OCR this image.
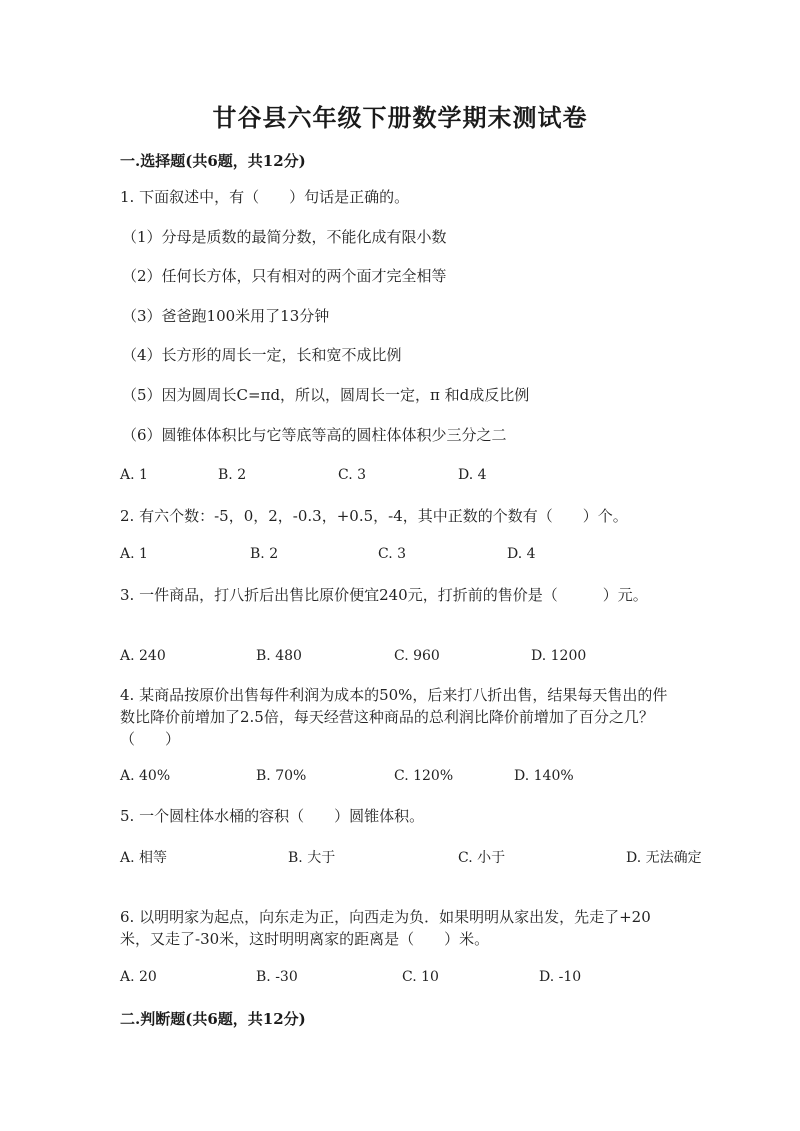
甘谷县六年级下册数学期末测试卷
一.选择题(共6题，共12分)
1. 下面叙述中，有（　　）句话是正确的。
（1）分母是质数的最简分数，不能化成有限小数
（2）任何长方体，只有相对的两个面才完全相等
（3）爸爸跑100米用了13分钟
（4）长方形的周长一定，长和宽不成比例
（5）因为圆周长C=πd，所以，圆周长一定，π 和d成反比例
（6）圆锥体体积比与它等底等高的圆柱体体积少三分之二
A. 1	B. 2	C. 3	D. 4
2. 有六个数：-5，0，2，-0.3，+0.5，-4，其中正数的个数有（　　）个。
A. 1	B. 2	C. 3	D. 4
3. 一件商品，打八折后出售比原价便宜240元，打折前的售价是（　　　）元。
A. 240	B. 480	C. 960	D. 1200
4. 某商品按原价出售每件利润为成本的50%，后来打八折出售，结果每天售出的件数比降价前增加了2.5倍，每天经营这种商品的总利润比降价前增加了百分之几？（　　）
A. 40%	B. 70%	C. 120%	D. 140%
5. 一个圆柱体水桶的容积（　　）圆锥体积。
A. 相等	B. 大于	C. 小于	D. 无法确定
6. 以明明家为起点，向东走为正，向西走为负．如果明明从家出发，先走了+20米，又走了-30米，这时明明离家的距离是（　　）米。
A. 20	B. -30	C. 10	D. -10
二.判断题(共6题，共12分)
